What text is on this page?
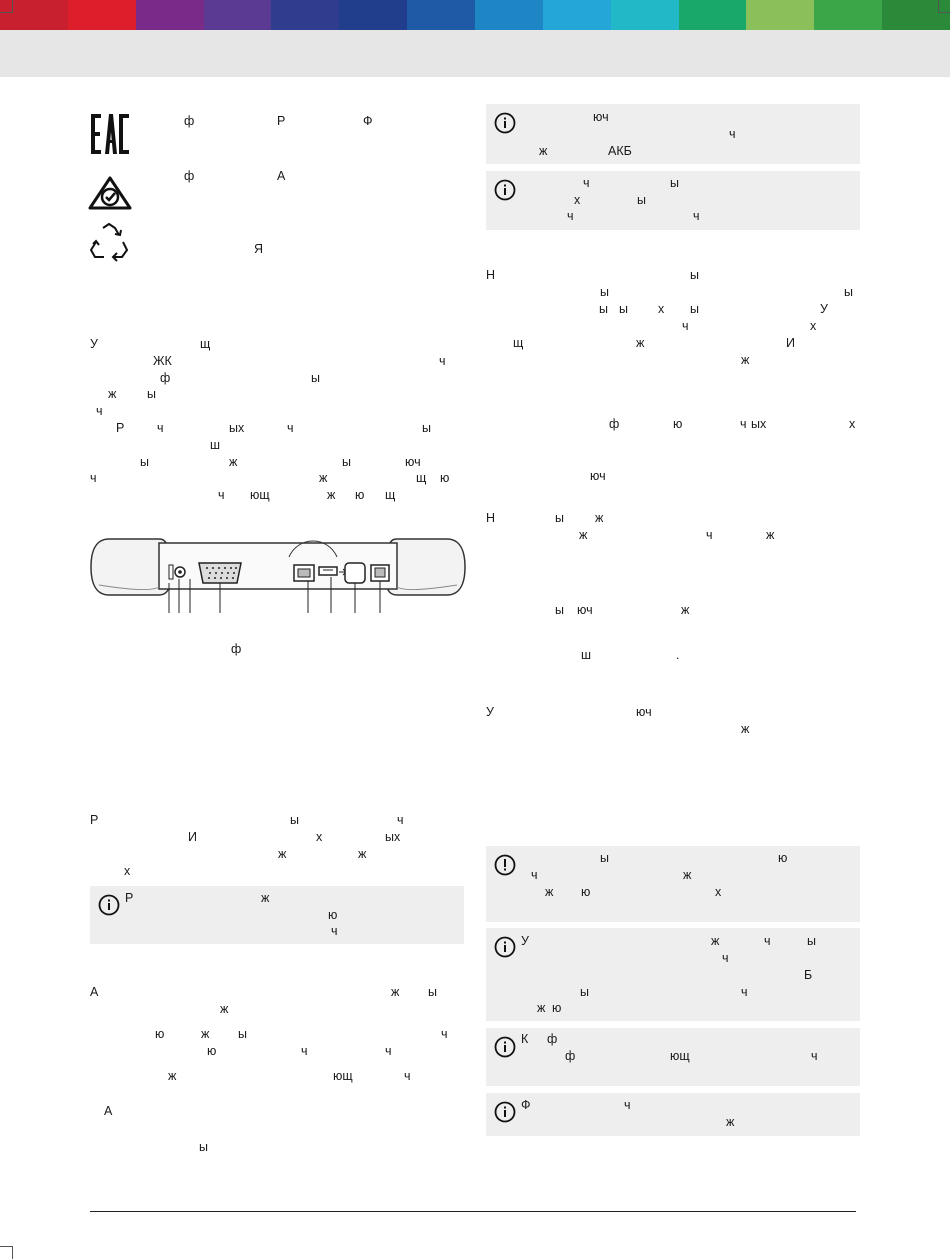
ф	Р	Ф
ф	А
Я
У	щ
ЖК	ч
ф	ы
ж ы
ч
Р	ч	ых	ч	ы
ш
ы	ж	ы	юч
ч	ж	щ ю
ч ющ	ж ю щ
ф
Р	ы	ч
И	х	ых
ж	ж
х
Р	ж
ю
ч
А	ж ы
ж
ю	ж ы	ч
ю	ч	ч
ж	ющ	ч
А
ы
юч
ч
ж	АКБ
ч	ы
х	ы
ч	ч
Н	ы
ы	ы
ы ы х ы	У
ч	х
щ	ж	И
ж
ф	ю	ч ых	х
юч
Н	ы ж
ж	ч	ж
ы юч	ж
ш	.
У	юч
ж
ы	ю
ч	ж
ж ю	х
У	ж	ч	ы
ч
Б
ы	ч
ж ю
К ф
ф	ющ	ч
Ф	ч
ж
